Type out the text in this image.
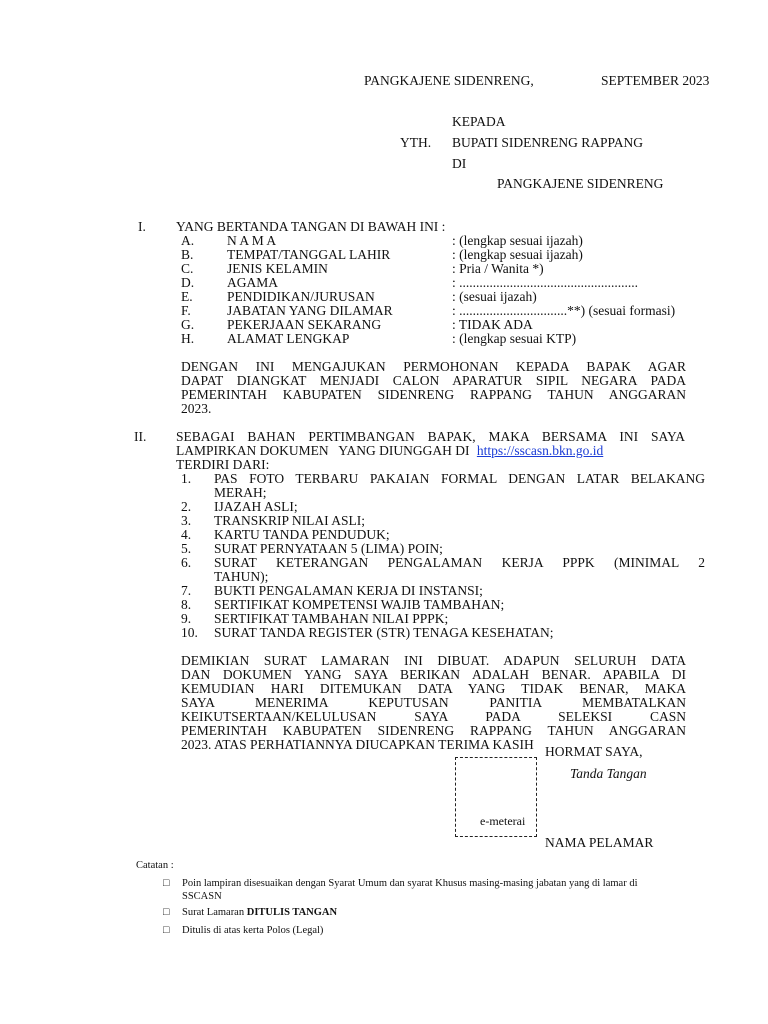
PANGKAJENE SIDENRENG,	SEPTEMBER 2023
KEPADA
YTH. BUPATI SIDENRENG RAPPANG
DI
PANGKAJENE SIDENRENG
I. YANG BERTANDA TANGAN DI BAWAH INI :
A. N A M A	: (lengkap sesuai ijazah)
B. TEMPAT/TANGGAL LAHIR	: (lengkap sesuai ijazah)
C. JENIS KELAMIN	: Pria / Wanita *)
D. AGAMA	: .....................................................
E.	PENDIDIKAN/JURUSAN	: (sesuai ijazah)
F.	JABATAN YANG DILAMAR	: ................................**) (sesuai formasi)
G. PEKERJAAN SEKARANG	: TIDAK ADA
H. ALAMAT LENGKAP	: (lengkap sesuai KTP)
DENGAN INI MENGAJUKAN PERMOHONAN KEPADA BAPAK AGAR
DAPAT DIANGKAT MENJADI CALON APARATUR SIPIL NEGARA PADA
PEMERINTAH KABUPATEN SIDENRENG RAPPANG TAHUN ANGGARAN
2023.
II. SEBAGAI BAHAN PERTIMBANGAN BAPAK, MAKA BERSAMA INI SAYA
LAMPIRKAN DOKUMEN   YANG DIUNGGAH DI https://sscasn.bkn.go.id
TERDIRI DARI:
1. PAS FOTO TERBARU PAKAIAN FORMAL DENGAN LATAR BELAKANG
MERAH;
2. IJAZAH ASLI;
3. TRANSKRIP NILAI ASLI;
4. KARTU TANDA PENDUDUK;
5. SURAT PERNYATAAN 5 (LIMA) POIN;
6. SURAT KETERANGAN PENGALAMAN KERJA PPPK (MINIMAL 2
TAHUN);
7. BUKTI PENGALAMAN KERJA DI INSTANSI;
8. SERTIFIKAT KOMPETENSI WAJIB TAMBAHAN;
9. SERTIFIKAT TAMBAHAN NILAI PPPK;
10. SURAT TANDA REGISTER (STR) TENAGA KESEHATAN;
DEMIKIAN SURAT LAMARAN INI DIBUAT. ADAPUN SELURUH DATA
DAN DOKUMEN YANG SAYA BERIKAN ADALAH BENAR. APABILA DI
KEMUDIAN HARI DITEMUKAN DATA YANG TIDAK BENAR, MAKA
SAYA MENERIMA KEPUTUSAN PANITIA MEMBATALKAN
KEIKUTSERTAAN/KELULUSAN SAYA PADA SELEKSI CASN
PEMERINTAH KABUPATEN SIDENRENG RAPPANG TAHUN ANGGARAN
2023. ATAS PERHATIANNYA DIUCAPKAN TERIMA KASIH HORMAT SAYA,
Tanda Tangan
e-meterai
NAMA PELAMAR
Catatan :
□ Poin lampiran disesuaikan dengan Syarat Umum dan syarat Khusus masing-masing jabatan yang di lamar di
SSCASN
□ Surat Lamaran DITULIS TANGAN
□ Ditulis di atas kerta Polos (Legal)
